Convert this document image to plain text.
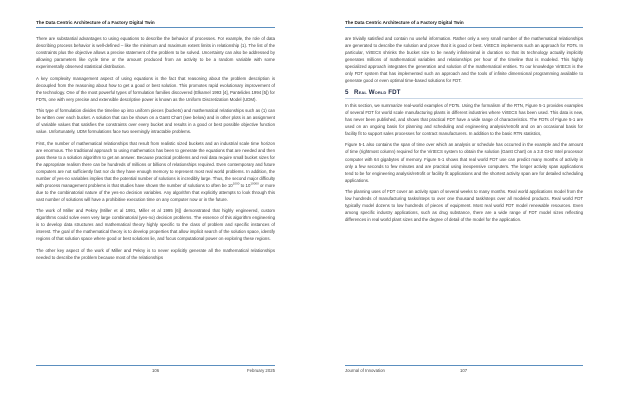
The Data Centric Architecture of a Factory Digital Twin

There are substantial advantages to using equations to describe the behavior of processes. For example, the role of data describing process behavior is well-defined – like the minimum and maximum extent limits in relationship (1). The list of the constraints plus the objective allows a precise statement of the problem to be solved. Uncertainty can also be addressed by allowing parameters like cycle time or the amount produced from an activity to be a random variable with some experimentally observed statistical distribution.

A key complexity management aspect of using equations is the fact that reasoning about the problem description is decoupled from the reasoning about how to get a good or best solution. This promotes rapid evolutionary improvement of the technology. One of the most powerful types of formulation families discovered (Elkamel 1993 [4], Pantelides 1994 [5]) for FDTs, one with very precise and extensible descriptive power is known as the Uniform Discretization Model (UDM).

This type of formulation divides the timeline up into uniform pieces (buckets) and mathematical relationships such as (1) can be written over each bucket. A solution that can be shown on a Gantt Chart (see below) and in other plots is an assignment of variable values that satisfies the constraints over every bucket and results in a good or best possible objective function value. Unfortunately, UDM formulations face two seemingly intractable problems.

First, the number of mathematical relationships that result from realistic sized buckets and an industrial scale time horizon are enormous. The traditional approach to using mathematics has been to generate the equations that are needed and then pass these to a solution algorithm to get an answer. Because practical problems and real data require small bucket sizes for the appropriate realism there can be hundreds of millions or billions of relationships required. Even contemporary and future computers are not sufficiently fast nor do they have enough memory to represent most real world problems. In addition, the number of yes-no variables implies that the potential number of solutions is incredibly large. Thus, the second major difficulty with process management problems is that studies have shown the number of solutions to often be $10^{1000}$ to $10^{10000}$ or more due to the combinatorial nature of the yes-no decision variables. Any algorithm that explicitly attempts to look through this vast number of solutions will have a prohibitive execution time on any computer now or in the future.

The work of Miller and Pekny (Miller et al 1991, Miller et al 1995 [6]) demonstrated that highly engineered, custom algorithms could solve even very large combinatorial (yes-no) decision problems. The essence of this algorithm engineering is to develop data structures and mathematical theory highly specific to the class of problem and specific instances of interest. The goal of the mathematical theory is to develop properties that allow implicit search of the solution space, identify regions of that solution space where good or best solutions lie, and focus computational power on exploring these regions.

The other key aspect of the work of Miller and Pekny is to never explicitly generate all the mathematical relationships needed to describe the problem because most of the relationships

106	February 2025
The Data Centric Architecture of a Factory Digital Twin

are trivially satisfied and contain no useful information. Rather only a very small number of the mathematical relationships are generated to describe the solution and prove that it is good or best. VirtECS implements such an approach for FDTs. In particular, VirtECS shrinks the bucket size to be nearly infinitesimal in duration so that its technology actually implicitly generates millions of mathematical variables and relationships per hour of the timeline that is modeled. This highly specialized approach integrates the generation and solution of the mathematical entities. To our knowledge VirtECS is the only FDT system that has implemented such an approach and the tools of infinite dimensional programming available to generate good or even optimal time-based solutions for FDT.

5 Real World FDT

In this section, we summarize real-world examples of FDTs. Using the formalism of the RTN, Figure 5-1 provides examples of several FDT for world scale manufacturing plants in different industries where VirtECS has been used. This data is new, has never been published, and shows that practical FDT have a wide range of characteristics. The FDTs of Figure 5-1 are used on an ongoing basis for planning and scheduling and engineering analysis/retrofit and on an occasional basis for facility fit to support sales processes for contract manufacturers. In addition to the basic RTN statistics,

Figure 5-1 also contains the span of time over which an analysis or schedule has occurred in the example and the amount of time (rightmost column) required for the VirtECS system to obtain the solution (Gantt Chart) on a 3.0 GHz Intel processor computer with 64 gigabytes of memory. Figure 5-1 shows that real world FDT use can predict many months of activity in only a few seconds to few minutes and are practical using inexpensive computers. The longer activity span applications tend to be for engineering analysis/retrofit or facility fit applications and the shortest activity span are for detailed scheduling applications.

The planning uses of FDT cover an activity span of several weeks to many months. Real world applications model from the low hundreds of manufacturing tasks/steps to over one thousand task/steps over all modeled products. Real world FDT typically model dozens to low hundreds of pieces of equipment. Most real world FDT model renewable resources. Even among specific industry applications, such as drug substance, there are a wide range of FDT model sizes reflecting differences in real world plant sizes and the degree of detail of the model for the application.

Journal of Innovation	107
